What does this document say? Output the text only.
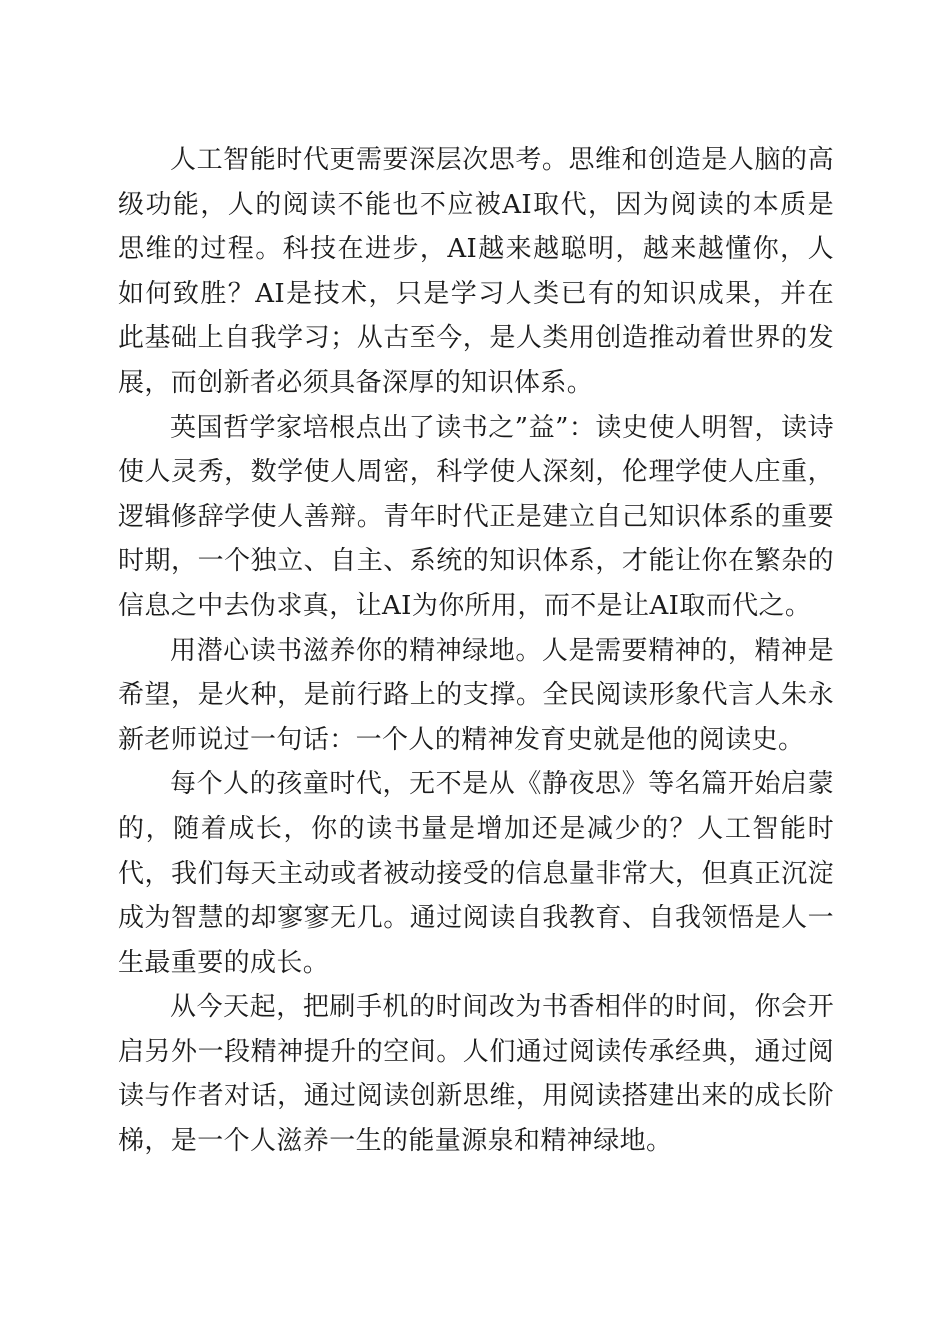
人工智能时代更需要深层次思考。思维和创造是人脑的高级功能，人的阅读不能也不应被AI取代，因为阅读的本质是思维的过程。科技在进步，AI越来越聪明，越来越懂你，人如何致胜？AI是技术，只是学习人类已有的知识成果，并在此基础上自我学习；从古至今，是人类用创造推动着世界的发展，而创新者必须具备深厚的知识体系。

英国哲学家培根点出了读书之”益”：读史使人明智，读诗使人灵秀，数学使人周密，科学使人深刻，伦理学使人庄重，逻辑修辞学使人善辩。青年时代正是建立自己知识体系的重要时期，一个独立、自主、系统的知识体系，才能让你在繁杂的信息之中去伪求真，让AI为你所用，而不是让AI取而代之。

用潜心读书滋养你的精神绿地。人是需要精神的，精神是希望，是火种，是前行路上的支撑。全民阅读形象代言人朱永新老师说过一句话：一个人的精神发育史就是他的阅读史。

每个人的孩童时代，无不是从《静夜思》等名篇开始启蒙的，随着成长，你的读书量是增加还是减少的？人工智能时代，我们每天主动或者被动接受的信息量非常大，但真正沉淀成为智慧的却寥寥无几。通过阅读自我教育、自我领悟是人一生最重要的成长。

从今天起，把刷手机的时间改为书香相伴的时间，你会开启另外一段精神提升的空间。人们通过阅读传承经典，通过阅读与作者对话，通过阅读创新思维，用阅读搭建出来的成长阶梯，是一个人滋养一生的能量源泉和精神绿地。
